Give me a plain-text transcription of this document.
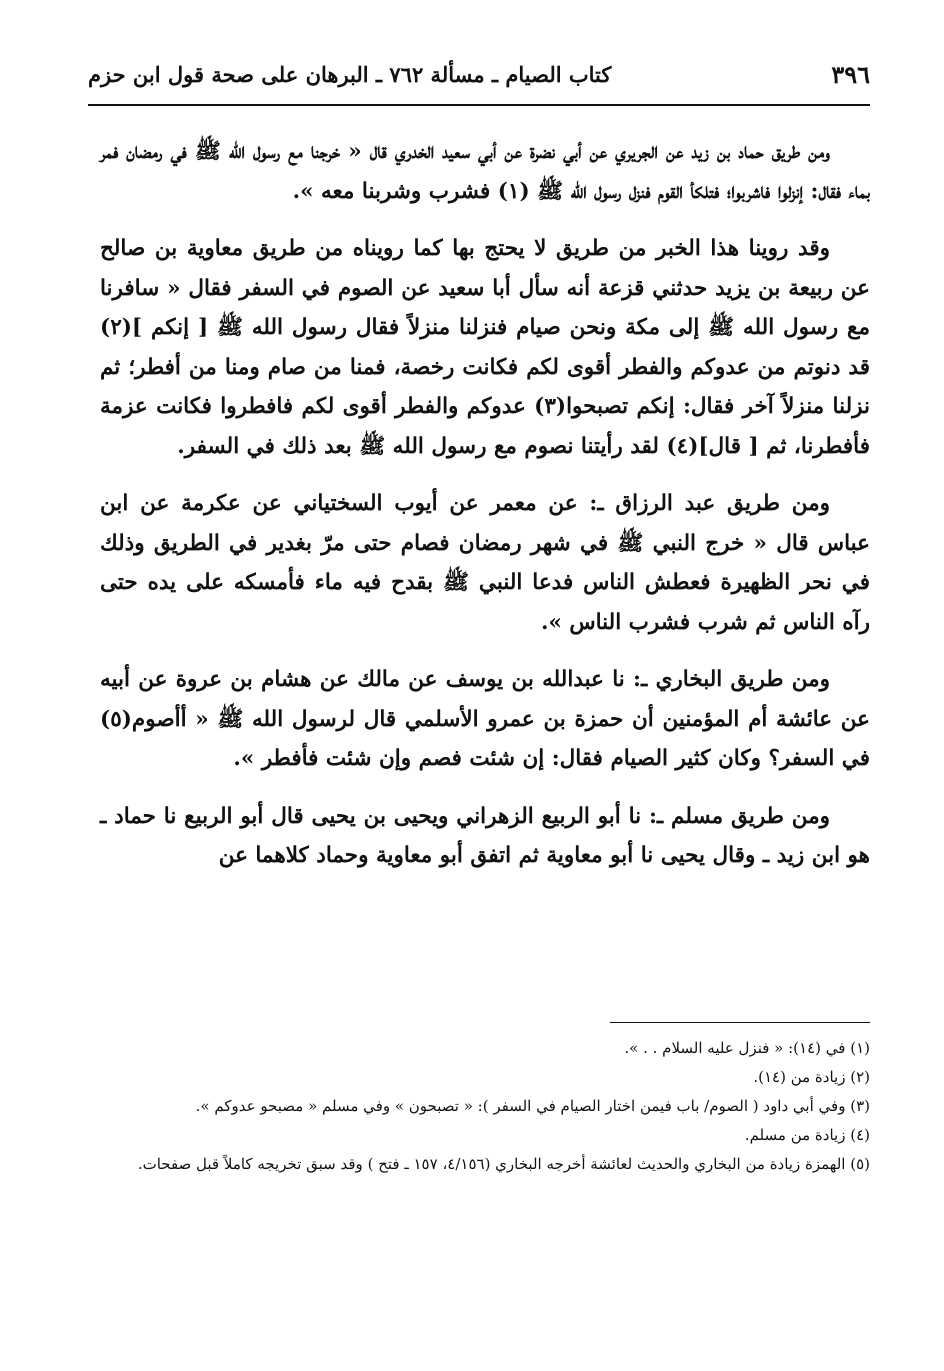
٣٩٦
كتاب الصيام ـ مسألة ٧٦٢ ـ البرهان على صحة قول ابن حزم

ومن طريق حماد بن زيد عن الجريري عن أبي نضرة عن أبي سعيد الخدري قال « خرجنا مع رسول الله ﷺ في رمضان فمر بماء فقال: إنزلوا فاشربوا؛ فتلكأ القوم فنزل رسول الله ﷺ (١) فشرب وشربنا معه ».

وقد روينا هذا الخبر من طريق لا يحتج بها كما رويناه من طريق معاوية بن صالح عن ربيعة بن يزيد حدثني قزعة أنه سأل أبا سعيد عن الصوم في السفر فقال « سافرنا مع رسول الله ﷺ إلى مكة ونحن صيام فنزلنا منزلاً فقال رسول الله ﷺ [ إنكم ](٢) قد دنوتم من عدوكم والفطر أقوى لكم فكانت رخصة، فمنا من صام ومنا من أفطر؛ ثم نزلنا منزلاً آخر فقال: إنكم تصبحوا(٣) عدوكم والفطر أقوى لكم فافطروا فكانت عزمة فأفطرنا، ثم [ قال](٤) لقد رأيتنا نصوم مع رسول الله ﷺ بعد ذلك في السفر.

ومن طريق عبد الرزاق ـ: عن معمر عن أيوب السختياني عن عكرمة عن ابن عباس قال « خرج النبي ﷺ في شهر رمضان فصام حتى مرّ بغدير في الطريق وذلك في نحر الظهيرة فعطش الناس فدعا النبي ﷺ بقدح فيه ماء فأمسكه على يده حتى رآه الناس ثم شرب فشرب الناس ».

ومن طريق البخاري ـ: نا عبدالله بن يوسف عن مالك عن هشام بن عروة عن أبيه عن عائشة أم المؤمنين أن حمزة بن عمرو الأسلمي قال لرسول الله ﷺ « أأصوم(٥) في السفر؟ وكان كثير الصيام فقال: إن شئت فصم وإن شئت فأفطر ».

ومن طريق مسلم ـ: نا أبو الربيع الزهراني ويحيى بن يحيى قال أبو الربيع نا حماد ـ هو ابن زيد ـ وقال يحيى نا أبو معاوية ثم اتفق أبو معاوية وحماد كلاهما عن

(١) في (١٤): « فنزل عليه السلام . . ».

(٢) زيادة من (١٤).

(٣) وفي أبي داود ( الصوم/ باب فيمن اختار الصيام في السفر ): « تصبحون » وفي مسلم « مصبحو عدوكم ».

(٤) زيادة من مسلم.

(٥) الهمزة زيادة من البخاري والحديث لعائشة أخرجه البخاري (٤/١٥٦، ١٥٧ ـ فتح ) وقد سبق تخريجه كاملاً قبل صفحات.
